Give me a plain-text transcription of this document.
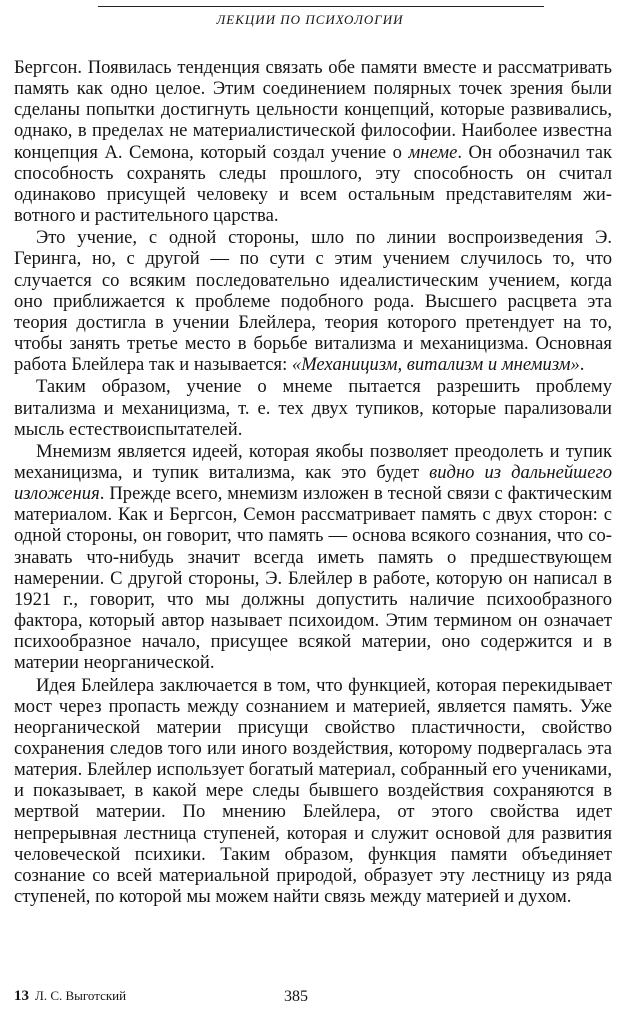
ЛЕКЦИИ ПО ПСИХОЛОГИИ

Бергсон. Появилась тенденция связать обе памяти вместе и рассматривать память как одно целое. Этим соединением полярных точек зрения были сделаны попытки достигнуть цельности концепций, которые развивались, однако, в пределах не материалистической философии. Наиболее известна концепция А. Семона, который создал учение о мнеме. Он обозначил так способность сохранять следы прошлого, эту способность он считал одинаково присущей человеку и всем остальным представителям животного и растительного царства.

Это учение, с одной стороны, шло по линии воспроизведения Э. Геринга, но, с другой — по сути с этим учением случилось то, что случается со всяким последовательно идеалистическим учением, когда оно приближается к проблеме подобного рода. Высшего расцвета эта теория достигла в учении Блейлера, теория которого претендует на то, чтобы занять третье место в борьбе витализма и механицизма. Основная работа Блейлера так и называется: «Механицизм, витализм и мнемизм».

Таким образом, учение о мнеме пытается разрешить проблему витализма и механицизма, т. е. тех двух тупиков, которые парализовали мысль естествоиспытателей.

Мнемизм является идеей, которая якобы позволяет преодолеть и тупик механицизма, и тупик витализма, как это будет видно из дальнейшего изложения. Прежде всего, мнемизм изложен в тесной связи с фактическим материалом. Как и Бергсон, Семон рассматривает память с двух сторон: с одной стороны, он говорит, что память — основа всякого сознания, что сознавать что-нибудь значит всегда иметь память о предшествующем намерении. С другой стороны, Э. Блейлер в работе, которую он написал в 1921 г., говорит, что мы должны допустить наличие психообразного фактора, который автор называет психоидом. Этим термином он означает психообразное начало, присущее всякой материи, оно содержится и в материи неорганической.

Идея Блейлера заключается в том, что функцией, которая перекидывает мост через пропасть между сознанием и материей, является память. Уже неорганической материи присущи свойство пластичности, свойство сохранения следов того или иного воздействия, которому подвергалась эта материя. Блейлер использует богатый материал, собранный его учениками, и показывает, в какой мере следы бывшего воздействия сохраняются в мертвой материи. По мнению Блейлера, от этого свойства идет непрерывная лестница ступеней, которая и служит основой для развития человеческой психики. Таким образом, функция памяти объединяет сознание со всей материальной природой, образует эту лестницу из ряда ступеней, по которой мы можем найти связь между материей и духом.

13 Л. С. Выготский	385
